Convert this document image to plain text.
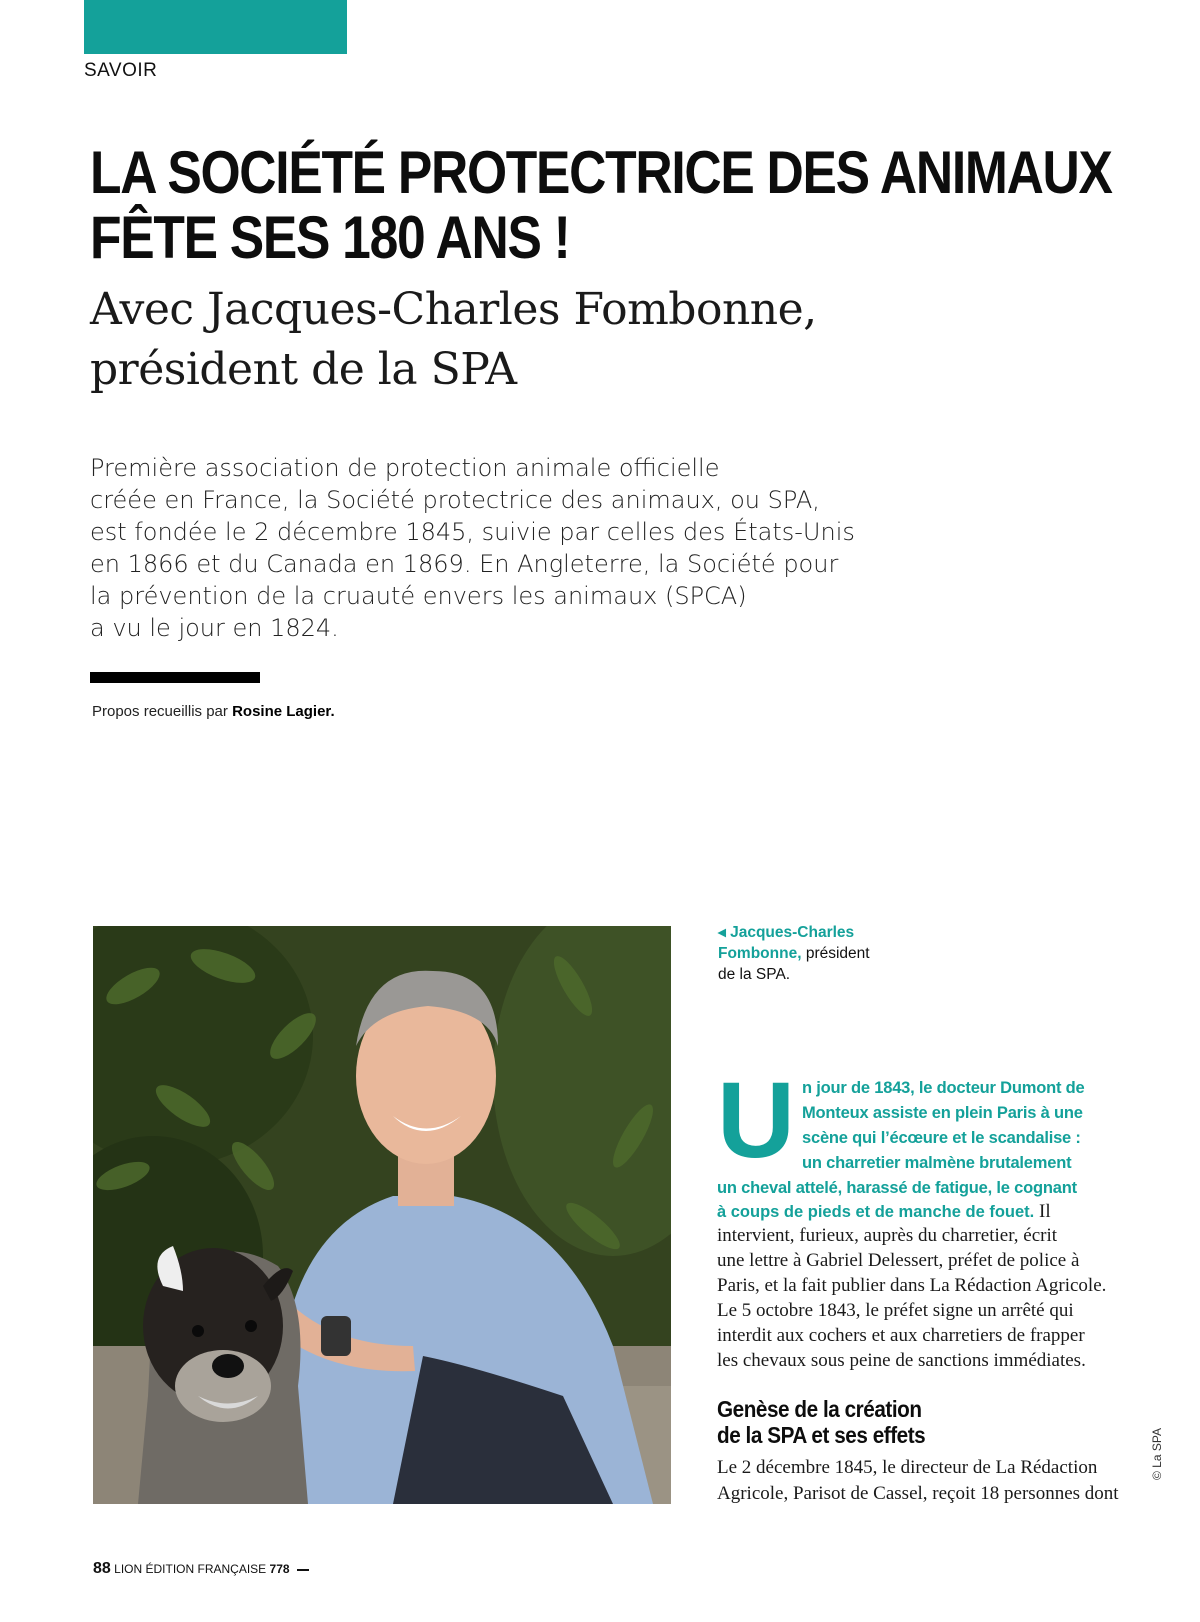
SAVOIR
LA SOCIÉTÉ PROTECTRICE DES ANIMAUX
FÊTE SES 180 ANS !
Avec Jacques-Charles Fombonne,
président de la SPA

Première association de protection animale officielle
créée en France, la Société protectrice des animaux, ou SPA,
est fondée le 2 décembre 1845, suivie par celles des États-Unis
en 1866 et du Canada en 1869. En Angleterre, la Société pour
la prévention de la cruauté envers les animaux (SPCA)
a vu le jour en 1824.

Propos recueillis par Rosine Lagier.
◂ Jacques-Charles
Fombonne, président
de la SPA.
U n jour de 1843, le docteur Dumont de
Monteux assiste en plein Paris à une
scène qui l’écœure et le scandalise :
un charretier malmène brutalement
un cheval attelé, harassé de fatigue, le cognant
à coups de pieds et de manche de fouet. Il
intervient, furieux, auprès du charretier, écrit
une lettre à Gabriel Delessert, préfet de police à
Paris, et la fait publier dans La Rédaction Agricole.
Le 5 octobre 1843, le préfet signe un arrêté qui
interdit aux cochers et aux charretiers de frapper
les chevaux sous peine de sanctions immédiates.
Genèse de la création
de la SPA et ses effets
Le 2 décembre 1845, le directeur de La Rédaction
Agricole, Parisot de Cassel, reçoit 18 personnes dont
© La SPA
88 LION ÉDITION FRANÇAISE 778
